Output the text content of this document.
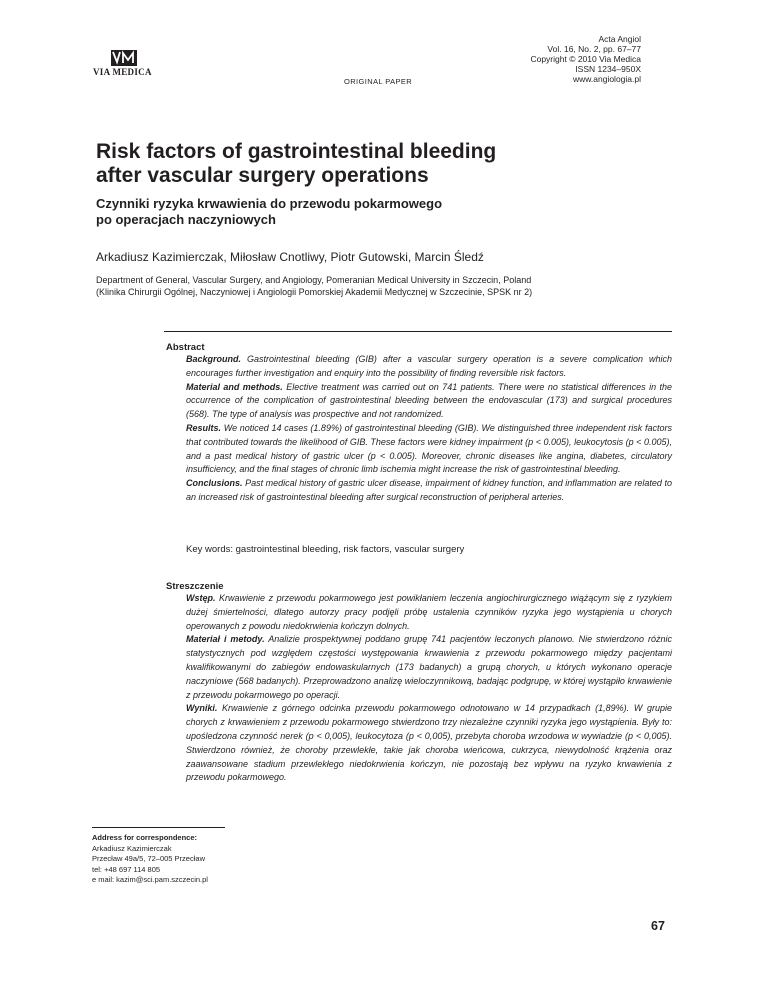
VIA MEDICA
ORIGINAL PAPER
Acta Angiol
Vol. 16, No. 2, pp. 67–77
Copyright © 2010 Via Medica
ISSN 1234–950X
www.angiologia.pl
Risk factors of gastrointestinal bleeding
after vascular surgery operations
Czynniki ryzyka krwawienia do przewodu pokarmowego
po operacjach naczyniowych
Arkadiusz Kazimierczak, Miłosław Cnotliwy, Piotr Gutowski, Marcin Śledź
Department of General, Vascular Surgery, and Angiology, Pomeranian Medical University in Szczecin, Poland
(Klinika Chirurgii Ogólnej, Naczyniowej i Angiologii Pomorskiej Akademii Medycznej w Szczecinie, SPSK nr 2)
Abstract

Background. Gastrointestinal bleeding (GIB) after a vascular surgery operation is a severe complication which encourages further investigation and enquiry into the possibility of finding reversible risk factors.

Material and methods. Elective treatment was carried out on 741 patients. There were no statistical differences in the occurrence of the complication of gastrointestinal bleeding between the endovascular (173) and surgical procedures (568). The type of analysis was prospective and not randomized.

Results. We noticed 14 cases (1.89%) of gastrointestinal bleeding (GIB). We distinguished three independent risk factors that contributed towards the likelihood of GIB. These factors were kidney impairment (p < 0.005), leukocytosis (p < 0.005), and a past medical history of gastric ulcer (p < 0.005). Moreover, chronic diseases like angina, diabetes, circulatory insufficiency, and the final stages of chronic limb ischemia might increase the risk of gastrointestinal bleeding.

Conclusions. Past medical history of gastric ulcer disease, impairment of kidney function, and inflammation are related to an increased risk of gastrointestinal bleeding after surgical reconstruction of peripheral arteries.

Key words: gastrointestinal bleeding, risk factors, vascular surgery
Streszczenie

Wstęp. Krwawienie z przewodu pokarmowego jest powikłaniem leczenia angiochirurgicznego wiążącym się z ryzykiem dużej śmiertelności, dlatego autorzy pracy podjęli próbę ustalenia czynników ryzyka jego wystąpienia u chorych operowanych z powodu niedokrwienia kończyn dolnych.

Materiał i metody. Analizie prospektywnej poddano grupę 741 pacjentów leczonych planowo. Nie stwierdzono różnic statystycznych pod względem częstości występowania krwawienia z przewodu pokarmowego między pacjentami kwalifikowanymi do zabiegów endowaskularnych (173 badanych) a grupą chorych, u których wykonano operacje naczyniowe (568 badanych). Przeprowadzono analizę wieloczynnikową, badając podgrupę, w której wystąpiło krwawienie z przewodu pokarmowego po operacji.

Wyniki. Krwawienie z górnego odcinka przewodu pokarmowego odnotowano w 14 przypadkach (1,89%). W grupie chorych z krwawieniem z przewodu pokarmowego stwierdzono trzy niezależne czynniki ryzyka jego wystąpienia. Były to: upośledzona czynność nerek (p < 0,005), leukocytoza (p < 0,005), przebyta choroba wrzodowa w wywiadzie (p < 0,005). Stwierdzono również, że choroby przewlekłe, takie jak choroba wieńcowa, cukrzyca, niewydolność krążenia oraz zaawansowane stadium przewlekłego niedokrwienia kończyn, nie pozostają bez wpływu na ryzyko krwawienia z przewodu pokarmowego.

Address for correspondence:
Arkadiusz Kazimierczak
Przecław 49a/5, 72–005 Przecław
tel: +48 697 114 805
e mail: kazim@sci.pam.szczecin.pl
67
